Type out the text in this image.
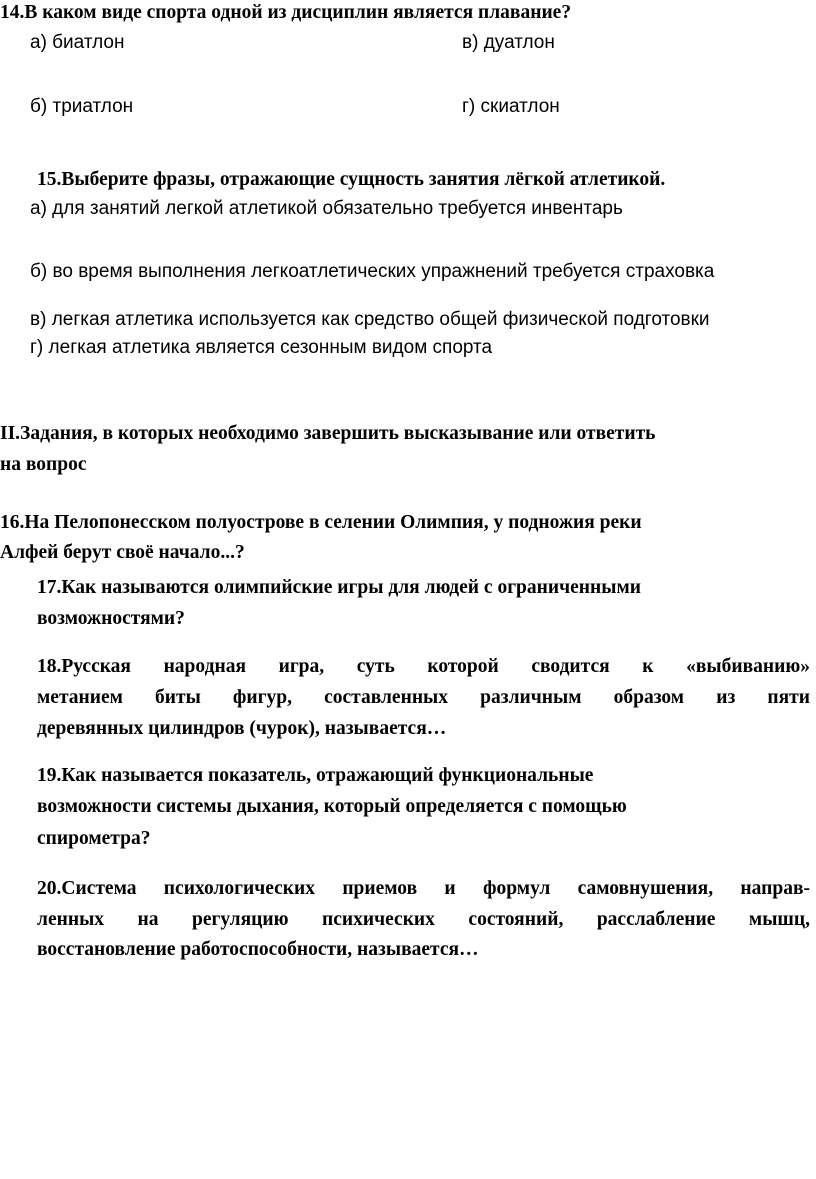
14.В каком виде спорта одной из дисциплин является плавание?
а) биатлон	в) дуатлон
б) триатлон	г) скиатлон
15.Выберите фразы, отражающие сущность занятия лёгкой атлетикой.
а) для занятий легкой атлетикой обязательно требуется инвентарь
б) во время выполнения легкоатлетических упражнений требуется страховка
в) легкая атлетика используется как средство общей физической подготовки
г) легкая атлетика является сезонным видом спорта
II.Задания, в которых необходимо завершить высказывание или ответить
на вопрос
16.На Пелопонесском полуострове в селении Олимпия, у подножия реки
Алфей берут своё начало...?
17.Как называются олимпийские игры для людей с ограниченными
возможностями?
18.Русская народная игра, суть которой сводится к «выбиванию»
метанием биты фигур, составленных различным образом из пяти
деревянных цилиндров (чурок), называется…
19.Как называется показатель, отражающий функциональные
возможности системы дыхания, который определяется с помощью
спирометра?
20.Система психологических приемов и формул самовнушения, направ-
ленных на регуляцию психических состояний, расслабление мышц,
восстановление работоспособности, называется…
